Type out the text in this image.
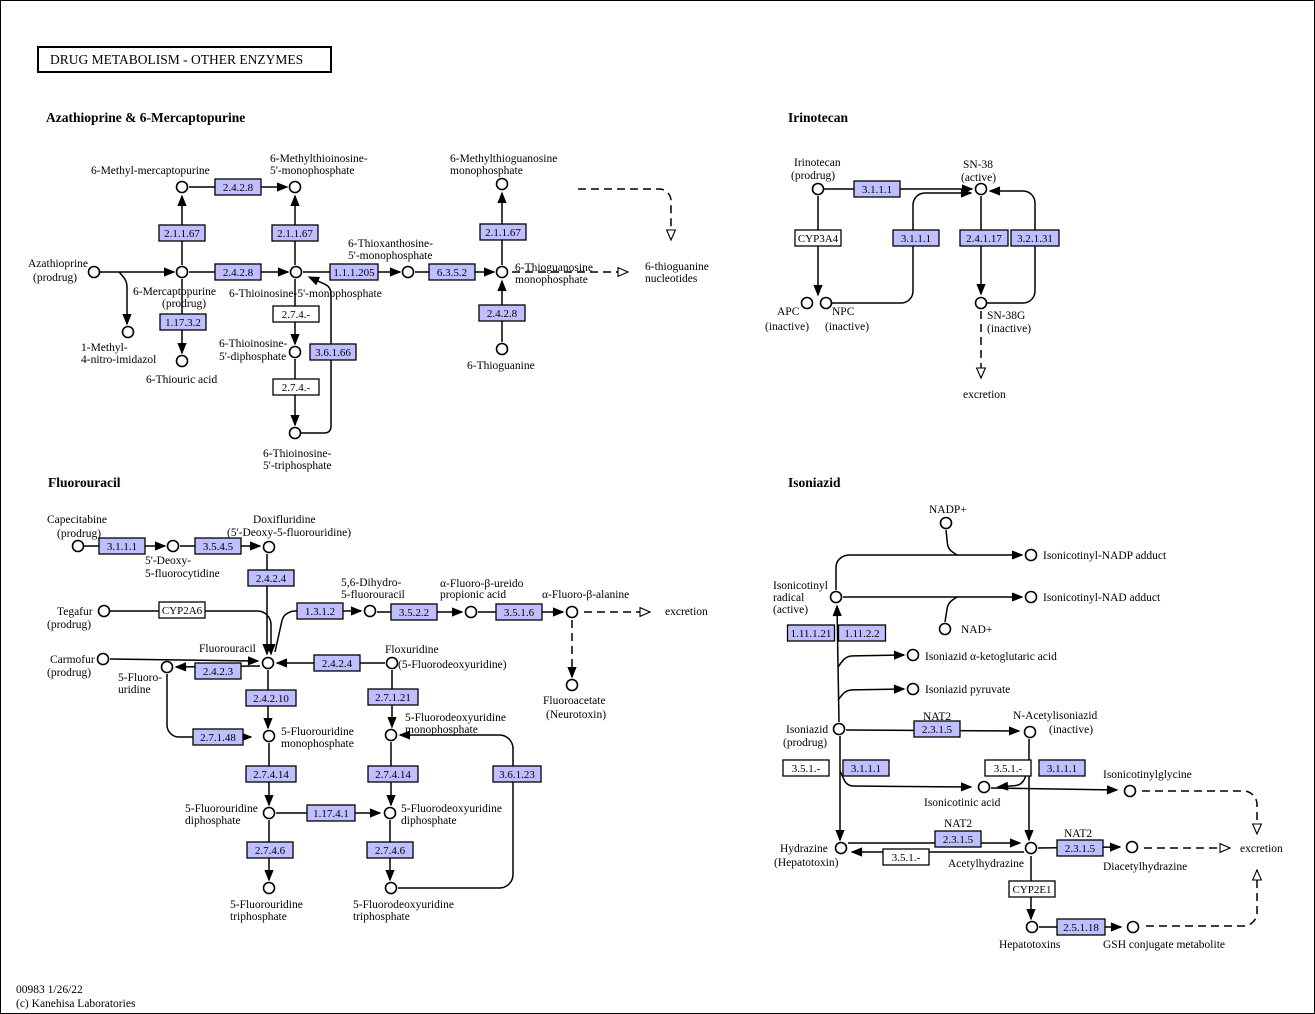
2.4.2.8
2.1.1.67	2.1.1.67
2.4.2.8	1.1.1.205	6.3.5.2
2.1.1.67
2.4.2.8
1.17.3.2
2.7.4.-
3.6.1.66
2.7.4.-
3.1.1.1
CYP3A4	3.1.1.1	2.4.1.17 3.2.1.31
3.1.1.1	3.5.4.5
2.4.2.4
CYP2A6	1.3.1.2	3.5.2.2	3.5.1.6
2.4.2.3
2.4.2.4
2.4.2.10	2.7.1.21
2.7.1.48
2.7.4.14	2.7.4.14	3.6.1.23
1.17.4.1
2.7.4.6	2.7.4.6
1.11.1.21 1.11.2.2
2.3.1.5
3.5.1.-	3.1.1.1	3.5.1.- 3.1.1.1
2.3.1.5
3.5.1.-
2.3.1.5
CYP2E1
2.5.1.18
6-Methyl-mercaptopurine
6-Methylthioinosine-
5'-monophosphate
6-Methylthioguanosine
monophosphate
Azathioprine
(prodrug)
6-Mercaptopurine
(prodrug)
6-Thioinosine-5'-monophosphate
6-Thioxanthosine-
5'-monophosphate
6-Thioguanosine
monophosphate
6-thioguanine
nucleotides
1-Methyl-
4-nitro-imidazol
6-Thiouric acid
6-Thioinosine-
5'-diphosphate
6-Thioinosine-
5'-triphosphate
6-Thioguanine
Irinotecan
(prodrug)
SN-38
(active)
APC
(inactive)
NPC
(inactive)
SN-38G
(inactive)
excretion
Capecitabine
(prodrug)
5'-Deoxy-
5-fluorocytidine
Doxifluridine
(5'-Deoxy-5-fluorouridine)
Tegafur
(prodrug)
Carmofur
(prodrug)
5,6-Dihydro-
5-fluorouracil
α-Fluoro-β-ureido
propionic acid	α-Fluoro-β-alanine
excretion
Fluoroacetate
(Neurotoxin)
Fluorouracil
5-Fluoro-
uridine
Floxuridine
(5-Fluorodeoxyuridine)
5-Fluorouridine
monophosphate
5-Fluorodeoxyuridine
monophosphate
5-Fluorouridine
diphosphate
5-Fluorodeoxyuridine
diphosphate
5-Fluorouridine
triphosphate
5-Fluorodeoxyuridine
triphosphate
NADP+
Isonicotinyl-NADP adduct
Isonicotinyl-NAD adduct
NAD+
Isonicotinyl
radical
(active)
Isoniazid α-ketoglutaric acid
Isoniazid pyruvate
NAT2	N-Acetylisoniazid
(inactive)
Isoniazid
(prodrug)
Isonicotinic acid
Isonicotinylglycine
NAT2
Hydrazine
(Hepatotoxin)	Acetylhydrazine
NAT2
Diacetylhydrazine
excretion
Hepatotoxins	GSH conjugate metabolite
DRUG METABOLISM - OTHER ENZYMES
Azathioprine & 6-Mercaptopurine	Irinotecan
Fluorouracil	Isoniazid
00983 1/26/22
(c) Kanehisa Laboratories
